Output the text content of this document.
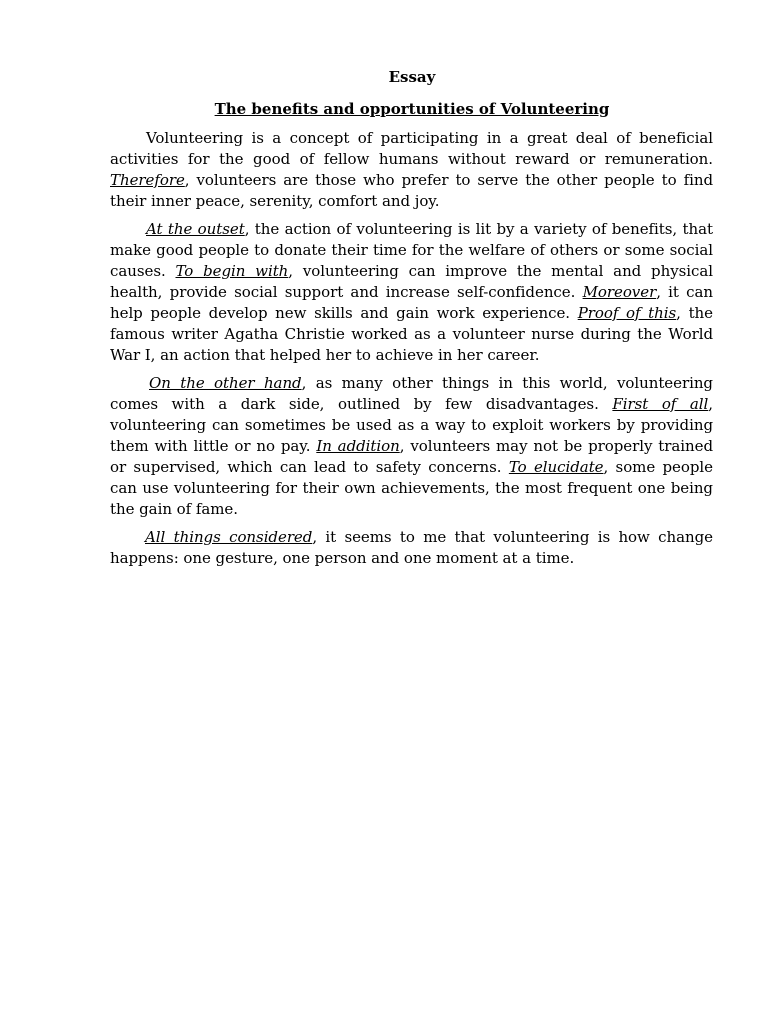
Essay
The benefits and opportunities of Volunteering

Volunteering is a concept of participating in a great deal of beneficial activities for the good of fellow humans without reward or remuneration. Therefore, volunteers are those who prefer to serve the other people to find their inner peace, serenity, comfort and joy.

At the outset, the action of volunteering is lit by a variety of benefits, that make good people to donate their time for the welfare of others or some social causes. To begin with, volunteering can improve the mental and physical health, provide social support and increase self-confidence. Moreover, it can help people develop new skills and gain work experience. Proof of this, the famous writer Agatha Christie worked as a volunteer nurse during the World War I, an action that helped her to achieve in her career.

On the other hand, as many other things in this world, volunteering comes with a dark side, outlined by few disadvantages. First of all, volunteering can sometimes be used as a way to exploit workers by providing them with little or no pay. In addition, volunteers may not be properly trained or supervised, which can lead to safety concerns. To elucidate, some people can use volunteering for their own achievements, the most frequent one being the gain of fame.

All things considered, it seems to me that volunteering is how change happens: one gesture, one person and one moment at a time.
